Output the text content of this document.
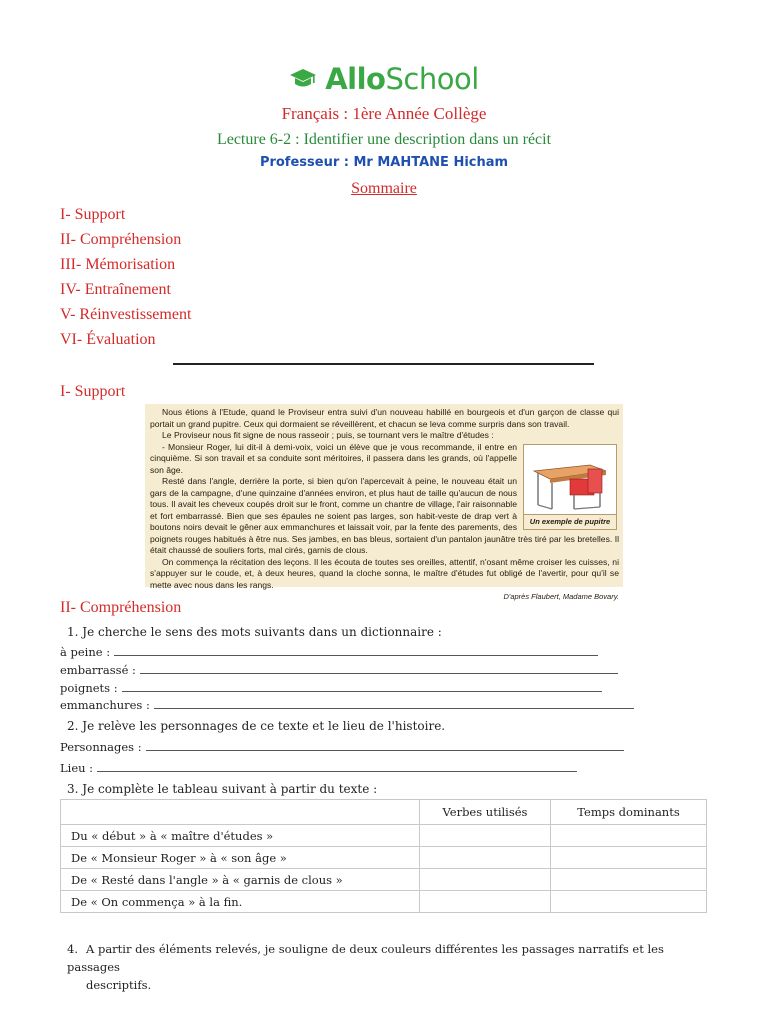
AlloSchool
Français : 1ère Année Collège
Lecture 6-2 : Identifier une description dans un récit
Professeur : Mr MAHTANE Hicham
Sommaire
I- Support
II- Compréhension
III- Mémorisation
IV- Entraînement
V- Réinvestissement
VI- Évaluation
I- Support

Nous étions à l'Etude, quand le Proviseur entra suivi d'un nouveau habillé en bourgeois et d'un garçon de classe qui portait un grand pupitre. Ceux qui dormaient se réveillèrent, et chacun se leva comme surpris dans son travail.

Le Proviseur nous fit signe de nous rasseoir ; puis, se tournant vers le maître d'études :

Un exemple de pupitre

- Monsieur Roger, lui dit-il à demi-voix, voici un élève que je vous recommande, il entre en cinquième. Si son travail et sa conduite sont méritoires, il passera dans les grands, où l'appelle son âge.

Resté dans l'angle, derrière la porte, si bien qu'on l'apercevait à peine, le nouveau était un gars de la campagne, d'une quinzaine d'années environ, et plus haut de taille qu'aucun de nous tous. Il avait les cheveux coupés droit sur le front, comme un chantre de village, l'air raisonnable et fort embarrassé. Bien que ses épaules ne soient pas larges, son habit-veste de drap vert à boutons noirs devait le gêner aux emmanchures et laissait voir, par la fente des parements, des poignets rouges habitués à être nus. Ses jambes, en bas bleus, sortaient d'un pantalon jaunâtre très tiré par les bretelles. Il était chaussé de souliers forts, mal cirés, garnis de clous.

On commença la récitation des leçons. Il les écouta de toutes ses oreilles, attentif, n'osant même croiser les cuisses, ni s'appuyer sur le coude, et, à deux heures, quand la cloche sonna, le maître d'études fut obligé de l'avertir, pour qu'il se mette avec nous dans les rangs.

D'après Flaubert, Madame Bovary.

II- Compréhension
1. Je cherche le sens des mots suivants dans un dictionnaire :
à peine :
embarrassé :
poignets :
emmanchures :
2. Je relève les personnages de ce texte et le lieu de l'histoire.
Personnages :
Lieu :
3. Je complète le tableau suivant à partir du texte :
	Verbes utilisés	Temps dominants
Du « début » à « maître d'études »		
De « Monsieur Roger » à « son âge »		
De « Resté dans l'angle » à « garnis de clous »		
De « On commença » à la fin.		
4. A partir des éléments relevés, je souligne de deux couleurs différentes les passages narratifs et les passages
descriptifs.
